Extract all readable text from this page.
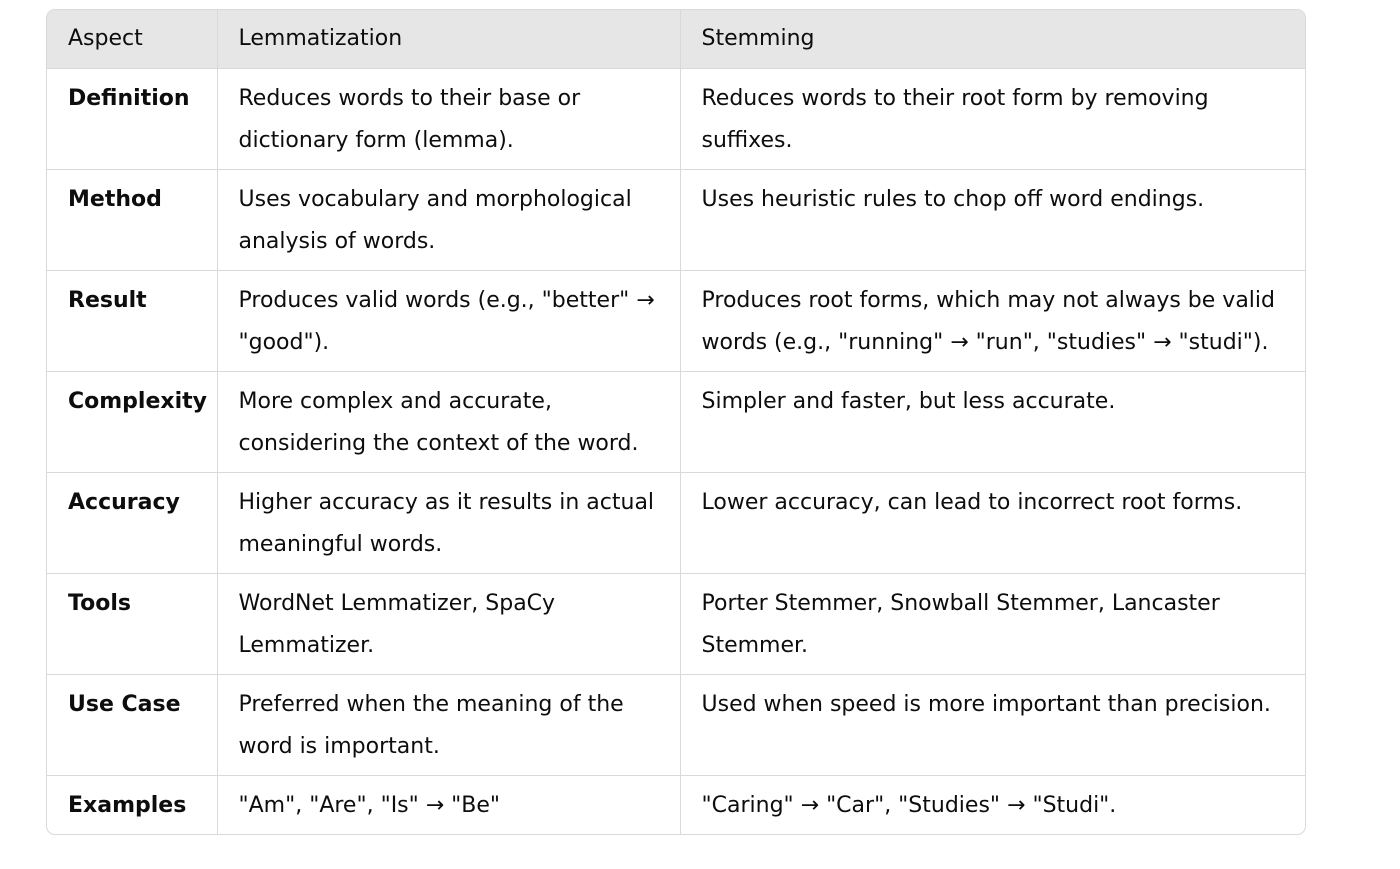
Aspect	Lemmatization	Stemming
Definition	Reduces words to their base or dictionary form (lemma).	Reduces words to their root form by removing suffixes.
Method	Uses vocabulary and morphological analysis of words.	Uses heuristic rules to chop off word endings.
Result	Produces valid words (e.g., "better" → "good").	Produces root forms, which may not always be valid words (e.g., "running" → "run", "studies" → "studi").
Complexity	More complex and accurate, considering the context of the word.	Simpler and faster, but less accurate.
Accuracy	Higher accuracy as it results in actual meaningful words.	Lower accuracy, can lead to incorrect root forms.
Tools	WordNet Lemmatizer, SpaCy Lemmatizer.	Porter Stemmer, Snowball Stemmer, Lancaster Stemmer.
Use Case	Preferred when the meaning of the word is important.	Used when speed is more important than precision.
Examples	"Am", "Are", "Is" → "Be"	"Caring" → "Car", "Studies" → "Studi".
